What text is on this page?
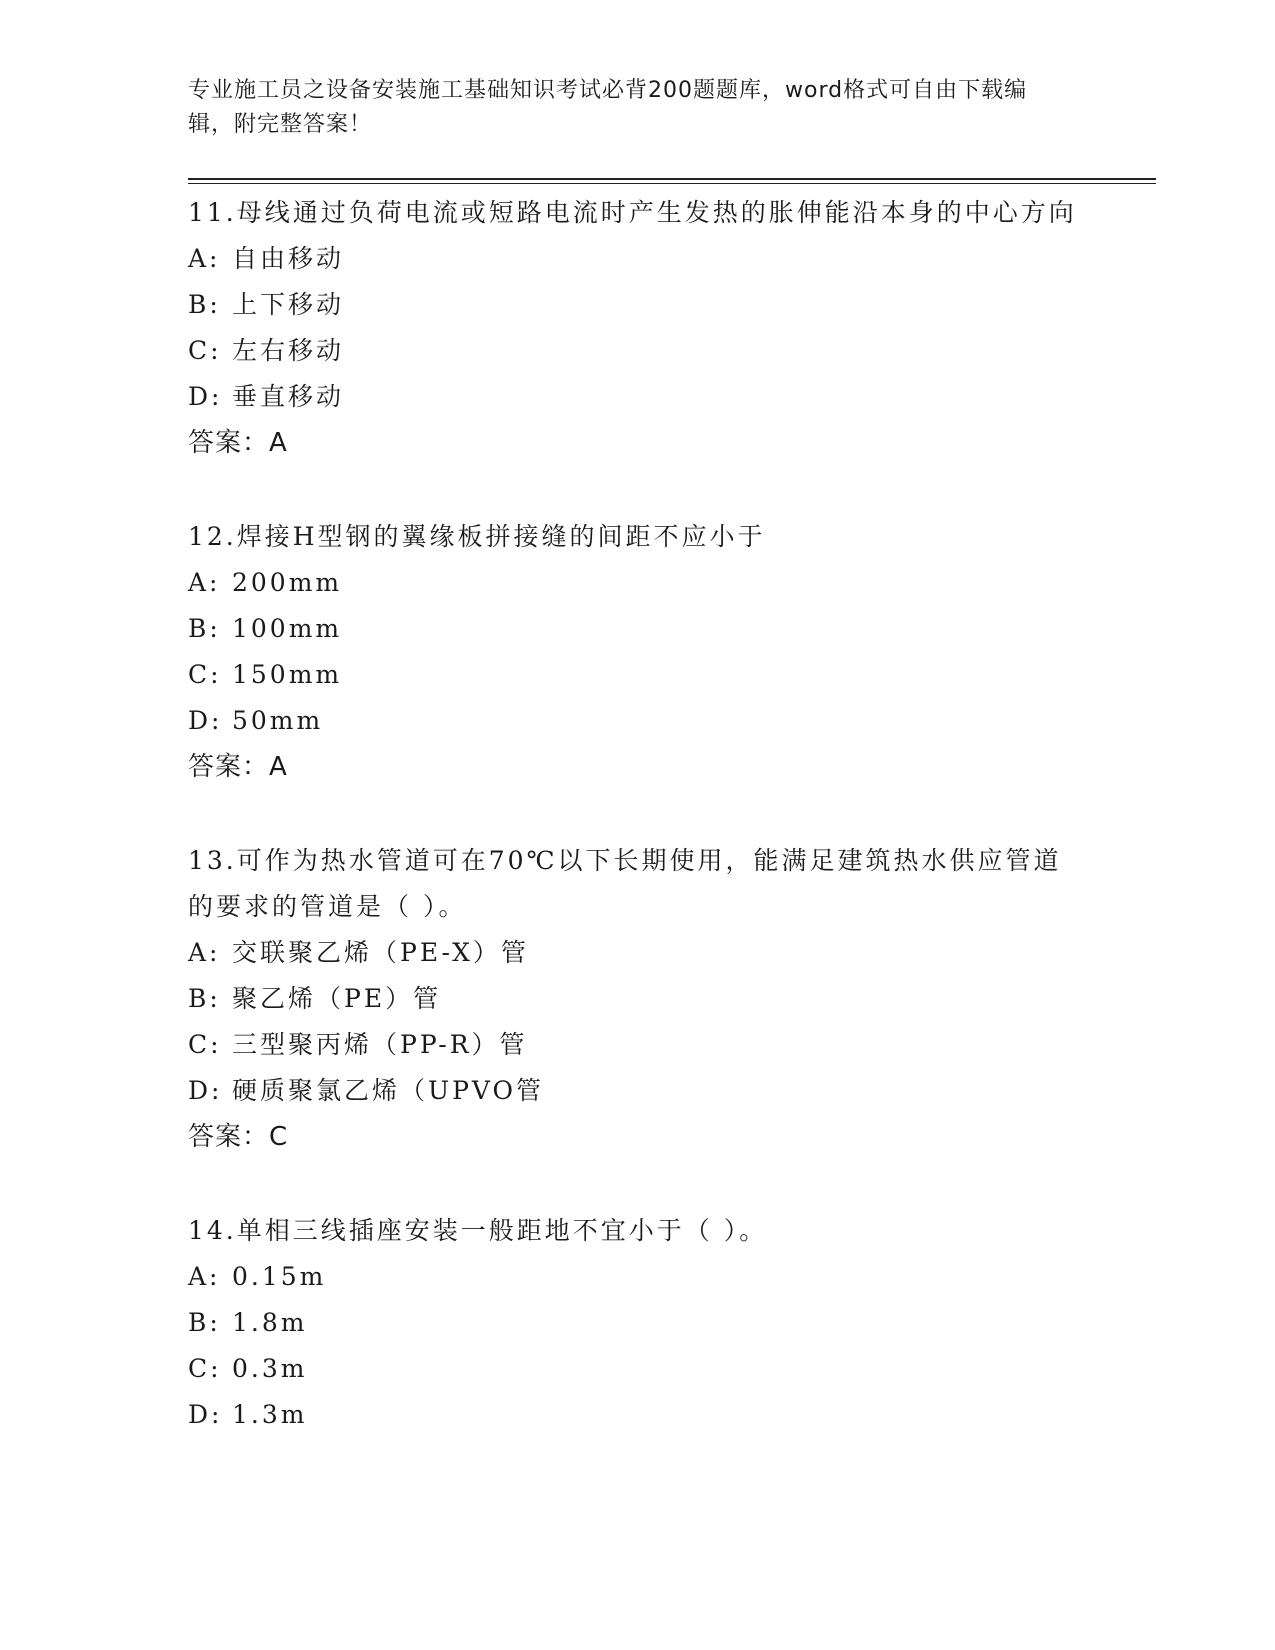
专业施工员之设备安装施工基础知识考试必背200题题库，word格式可自由下载编辑，附完整答案！

11.母线通过负荷电流或短路电流时产生发热的胀伸能沿本身的中心方向

A: 自由移动

B: 上下移动

C: 左右移动

D: 垂直移动

答案：A

12.焊接H型钢的翼缘板拼接缝的间距不应小于

A: 200mm

B: 100mm

C: 150mm

D: 50mm

答案：A

13.可作为热水管道可在70℃以下长期使用，能满足建筑热水供应管道的要求的管道是（ ）。

A: 交联聚乙烯（PE-X）管

B: 聚乙烯（PE）管

C: 三型聚丙烯（PP-R）管

D: 硬质聚氯乙烯（UPVO管

答案：C

14.单相三线插座安装一般距地不宜小于（ ）。

A: 0.15m

B: 1.8m

C: 0.3m

D: 1.3m
